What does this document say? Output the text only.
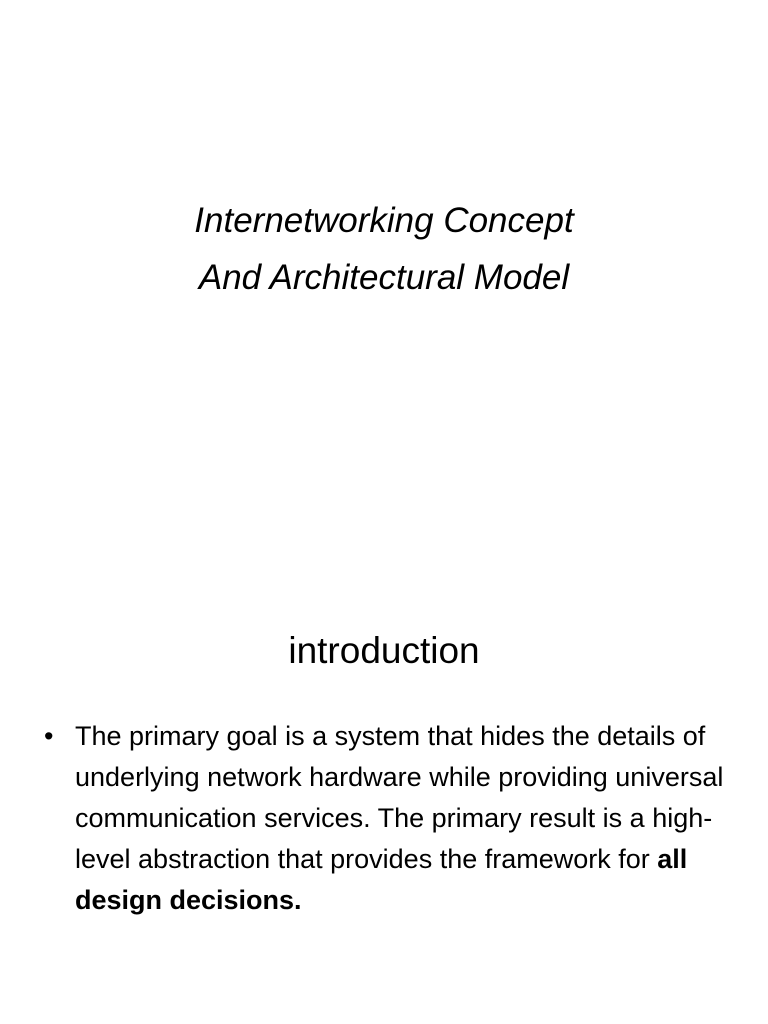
Internetworking Concept
And Architectural Model
introduction
• The primary goal is a system that hides the details of underlying network hardware while providing universal communication services. The primary result is a high-level abstraction that provides the framework for all design decisions.
